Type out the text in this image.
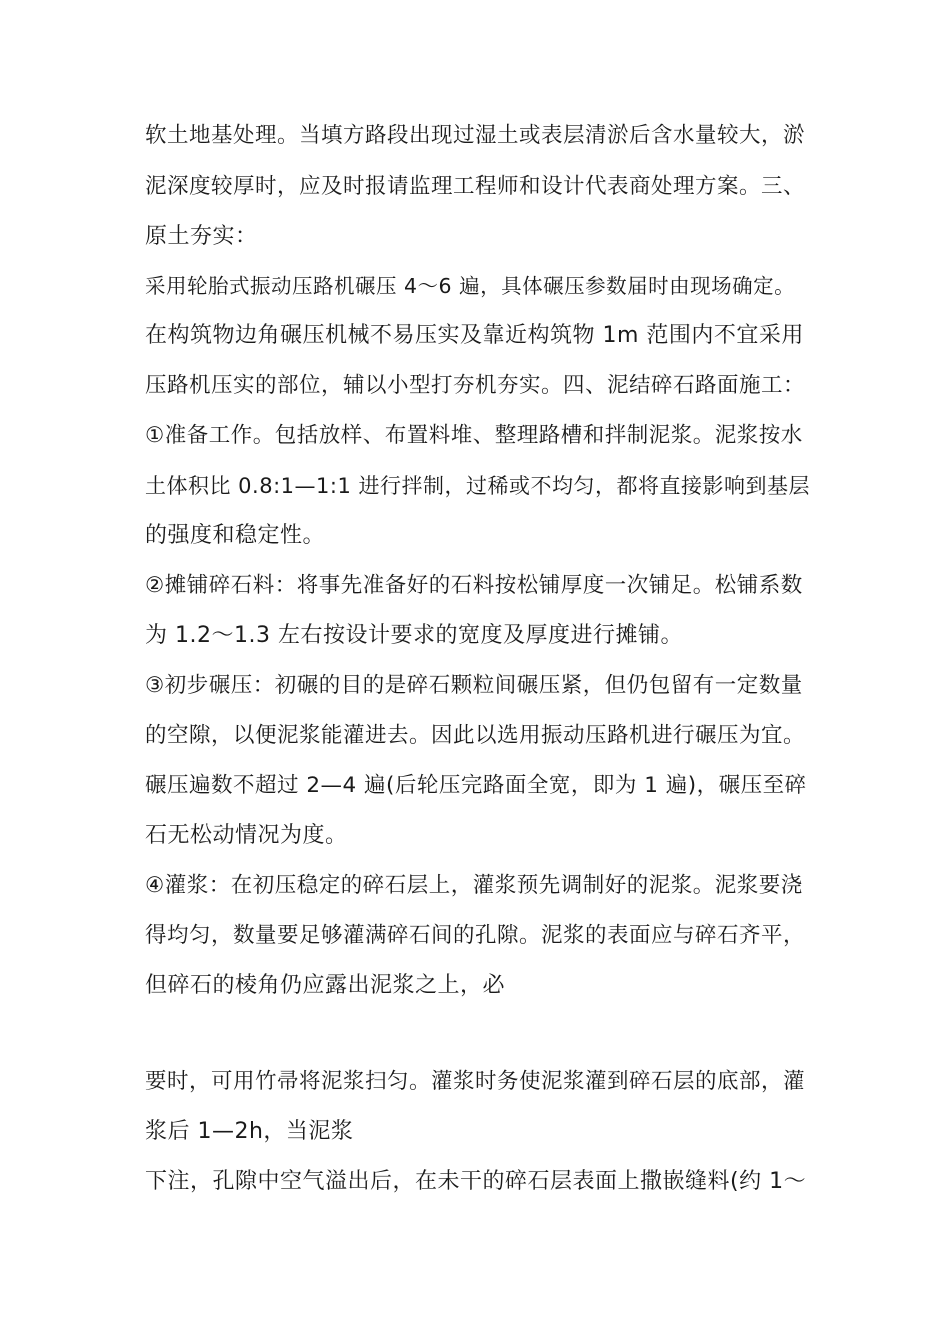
软土地基处理。当填方路段出现过湿土或表层清淤后含水量较大，淤
泥深度较厚时，应及时报请监理工程师和设计代表商处理方案。三、
原土夯实：
采用轮胎式振动压路机碾压 4～6 遍，具体碾压参数届时由现场确定。
在构筑物边角碾压机械不易压实及靠近构筑物 1m 范围内不宜采用
压路机压实的部位，辅以小型打夯机夯实。四、泥结碎石路面施工：
①准备工作。包括放样、布置料堆、整理路槽和拌制泥浆。泥浆按水
土体积比 0.8:1—1:1 进行拌制，过稀或不均匀，都将直接影响到基层
的强度和稳定性。
②摊铺碎石料：将事先准备好的石料按松铺厚度一次铺足。松铺系数
为 1.2～1.3 左右按设计要求的宽度及厚度进行摊铺。
③初步碾压：初碾的目的是碎石颗粒间碾压紧，但仍包留有一定数量
的空隙，以便泥浆能灌进去。因此以选用振动压路机进行碾压为宜。
碾压遍数不超过 2—4 遍(后轮压完路面全宽，即为 1 遍)，碾压至碎
石无松动情况为度。
④灌浆：在初压稳定的碎石层上，灌浆预先调制好的泥浆。泥浆要浇
得均匀，数量要足够灌满碎石间的孔隙。泥浆的表面应与碎石齐平，
但碎石的棱角仍应露出泥浆之上，必
要时，可用竹帚将泥浆扫匀。灌浆时务使泥浆灌到碎石层的底部，灌
浆后 1—2h，当泥浆
下注，孔隙中空气溢出后，在未干的碎石层表面上撒嵌缝料(约 1～
